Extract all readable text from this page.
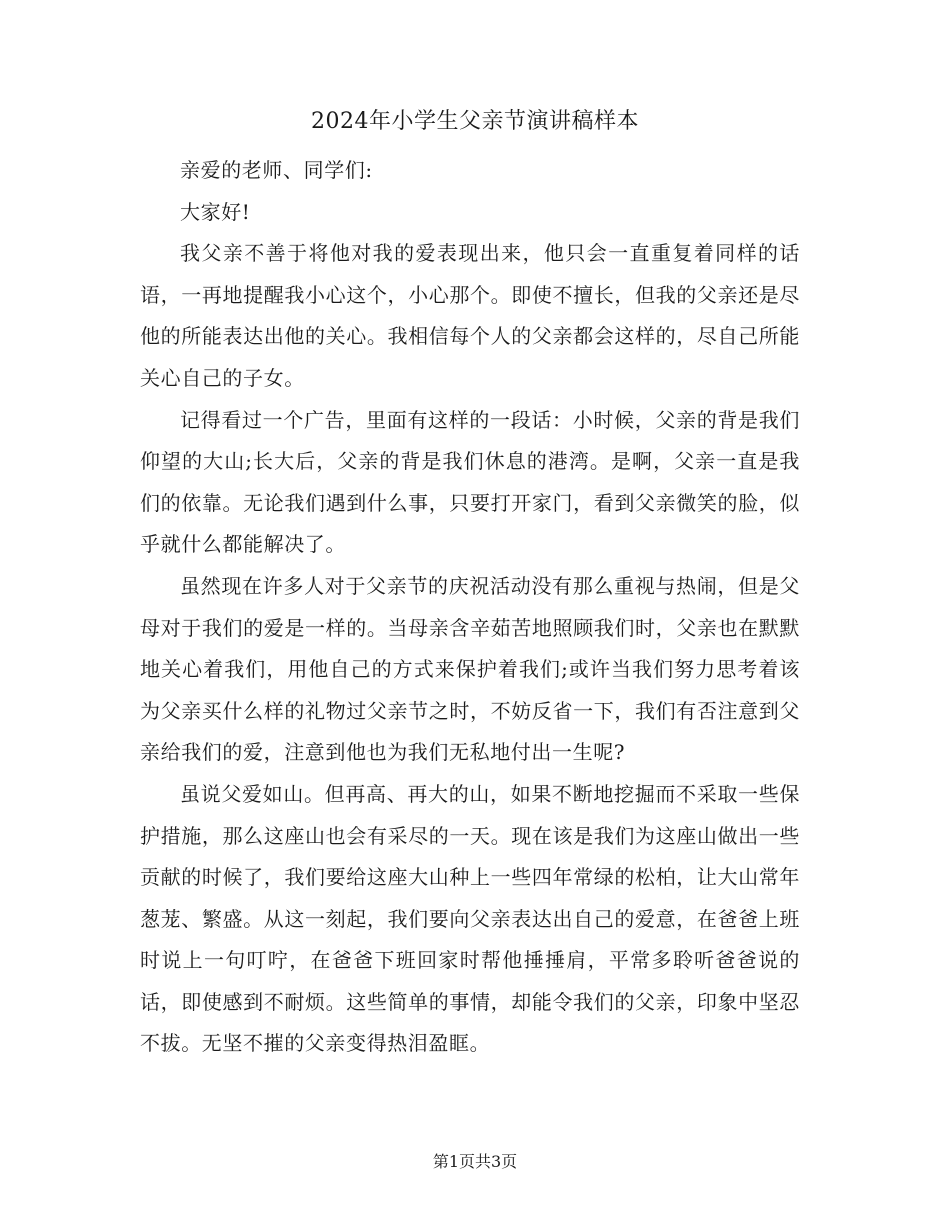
2024年小学生父亲节演讲稿样本

亲爱的老师、同学们:

大家好!

我父亲不善于将他对我的爱表现出来，他只会一直重复着同样的话语，一再地提醒我小心这个，小心那个。即使不擅长，但我的父亲还是尽他的所能表达出他的关心。我相信每个人的父亲都会这样的，尽自己所能关心自己的子女。

记得看过一个广告，里面有这样的一段话：小时候，父亲的背是我们仰望的大山;长大后，父亲的背是我们休息的港湾。是啊，父亲一直是我们的依靠。无论我们遇到什么事，只要打开家门，看到父亲微笑的脸，似乎就什么都能解决了。

虽然现在许多人对于父亲节的庆祝活动没有那么重视与热闹，但是父母对于我们的爱是一样的。当母亲含辛茹苦地照顾我们时，父亲也在默默地关心着我们，用他自己的方式来保护着我们;或许当我们努力思考着该为父亲买什么样的礼物过父亲节之时，不妨反省一下，我们有否注意到父亲给我们的爱，注意到他也为我们无私地付出一生呢?

虽说父爱如山。但再高、再大的山，如果不断地挖掘而不采取一些保护措施，那么这座山也会有采尽的一天。现在该是我们为这座山做出一些贡献的时候了，我们要给这座大山种上一些四年常绿的松柏，让大山常年葱茏、繁盛。从这一刻起，我们要向父亲表达出自己的爱意，在爸爸上班时说上一句叮咛，在爸爸下班回家时帮他捶捶肩，平常多聆听爸爸说的话，即使感到不耐烦。这些简单的事情，却能令我们的父亲，印象中坚忍不拔。无坚不摧的父亲变得热泪盈眶。

第1页共3页
